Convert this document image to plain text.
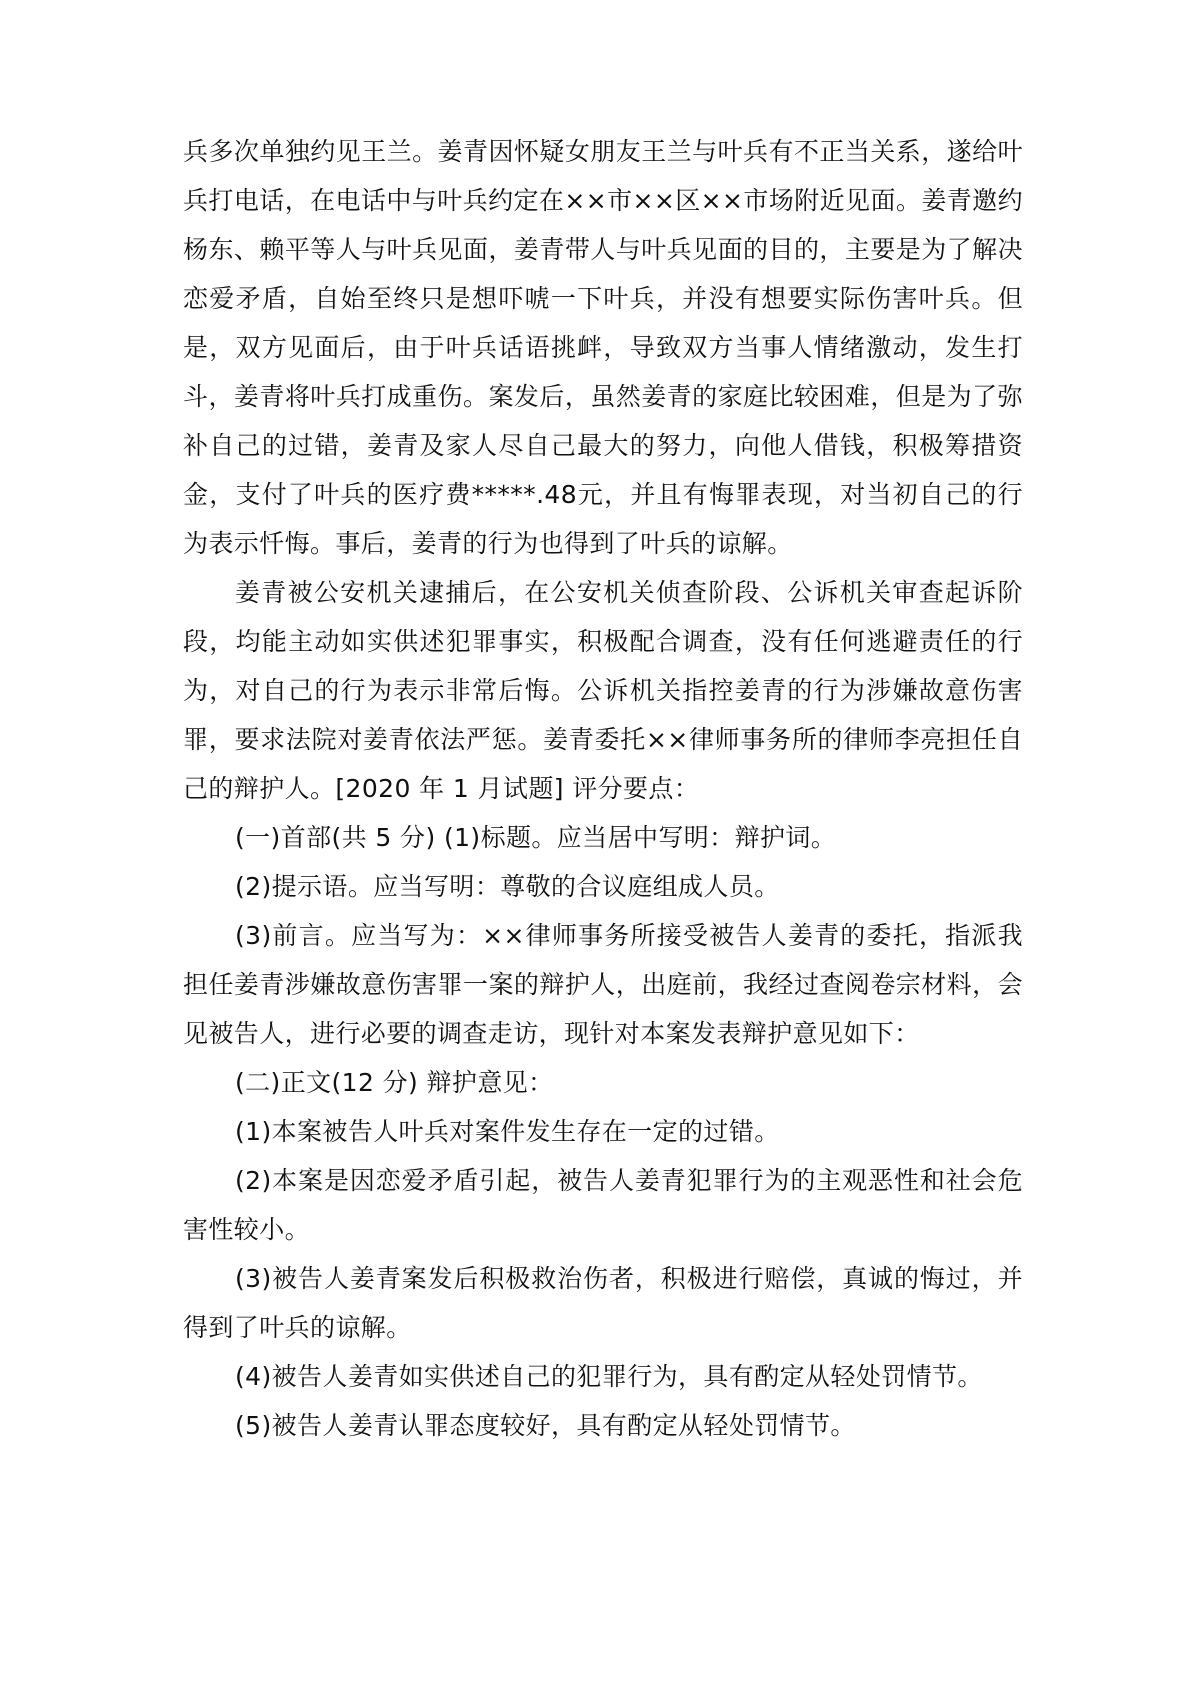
兵多次单独约见王兰。姜青因怀疑女朋友王兰与叶兵有不正当关系，遂给叶兵打电话，在电话中与叶兵约定在××市××区××市场附近见面。姜青邀约杨东、赖平等人与叶兵见面，姜青带人与叶兵见面的目的，主要是为了解决恋爱矛盾，自始至终只是想吓唬一下叶兵，并没有想要实际伤害叶兵。但是，双方见面后，由于叶兵话语挑衅，导致双方当事人情绪激动，发生打斗，姜青将叶兵打成重伤。案发后，虽然姜青的家庭比较困难，但是为了弥补自己的过错，姜青及家人尽自己最大的努力，向他人借钱，积极筹措资金，支付了叶兵的医疗费*****.48元，并且有悔罪表现，对当初自己的行为表示忏悔。事后，姜青的行为也得到了叶兵的谅解。

姜青被公安机关逮捕后，在公安机关侦查阶段、公诉机关审查起诉阶段，均能主动如实供述犯罪事实，积极配合调查，没有任何逃避责任的行为，对自己的行为表示非常后悔。公诉机关指控姜青的行为涉嫌故意伤害罪，要求法院对姜青依法严惩。姜青委托××律师事务所的律师李亮担任自己的辩护人。[2020 年 1 月试题] 评分要点：

(一)首部(共 5 分) (1)标题。应当居中写明：辩护词。

(2)提示语。应当写明：尊敬的合议庭组成人员。

(3)前言。应当写为：××律师事务所接受被告人姜青的委托，指派我担任姜青涉嫌故意伤害罪一案的辩护人，出庭前，我经过查阅卷宗材料，会见被告人，进行必要的调查走访，现针对本案发表辩护意见如下：

(二)正文(12 分) 辩护意见：

(1)本案被告人叶兵对案件发生存在一定的过错。

(2)本案是因恋爱矛盾引起，被告人姜青犯罪行为的主观恶性和社会危害性较小。

(3)被告人姜青案发后积极救治伤者，积极进行赔偿，真诚的悔过，并得到了叶兵的谅解。

(4)被告人姜青如实供述自己的犯罪行为，具有酌定从轻处罚情节。

(5)被告人姜青认罪态度较好，具有酌定从轻处罚情节。
